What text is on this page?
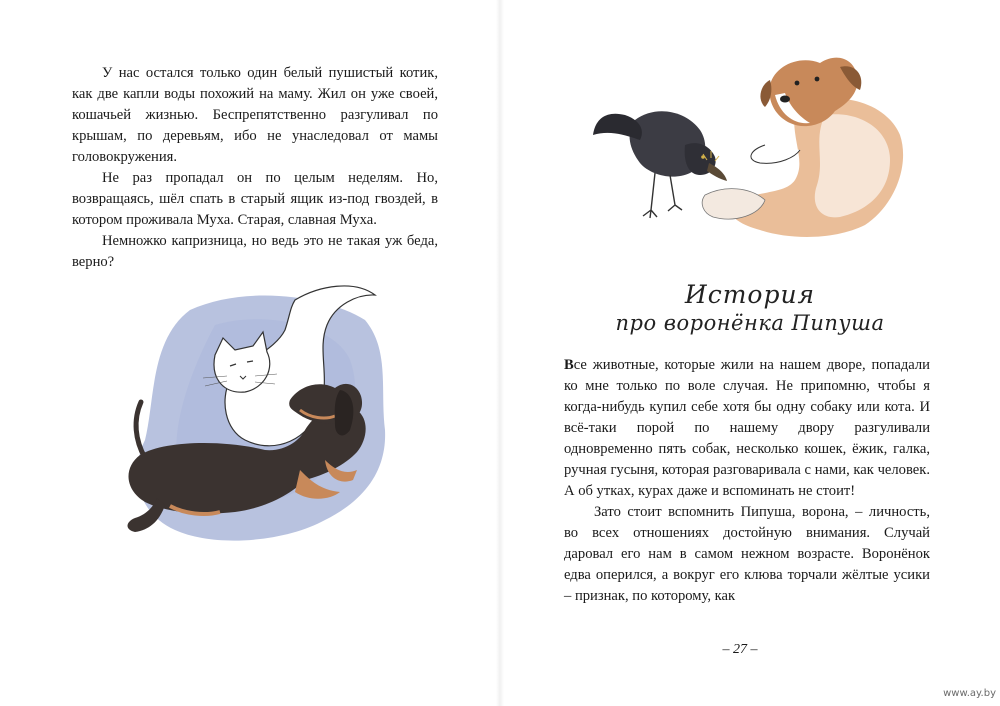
У нас остался только один белый пушистый котик, как две капли воды похожий на маму. Жил он уже своей, кошачьей жизнью. Беспрепятственно разгуливал по крышам, по деревьям, ибо не унаследовал от мамы головокружения.

Не раз пропадал он по целым неделям. Но, возвращаясь, шёл спать в старый ящик из-под гвоздей, в котором проживала Муха. Старая, славная Муха.

Немножко капризница, но ведь это не такая уж беда, верно?

История
про воронёнка Пипуша

Все животные, которые жили на нашем дворе, попадали ко мне только по воле случая. Не припомню, чтобы я когда-нибудь купил себе хотя бы одну собаку или кота. И всё-таки порой по нашему двору разгуливали одновременно пять собак, несколько кошек, ёжик, галка, ручная гусыня, которая разговаривала с нами, как человек. А об утках, курах даже и вспоминать не стоит!

Зато стоит вспомнить Пипуша, ворона, – личность, во всех отношениях достойную внимания. Случай даровал его нам в самом нежном возрасте. Воронёнок едва оперился, а вокруг его клюва торчали жёлтые усики – признак, по которому, как

– 27 –
www.ay.by
